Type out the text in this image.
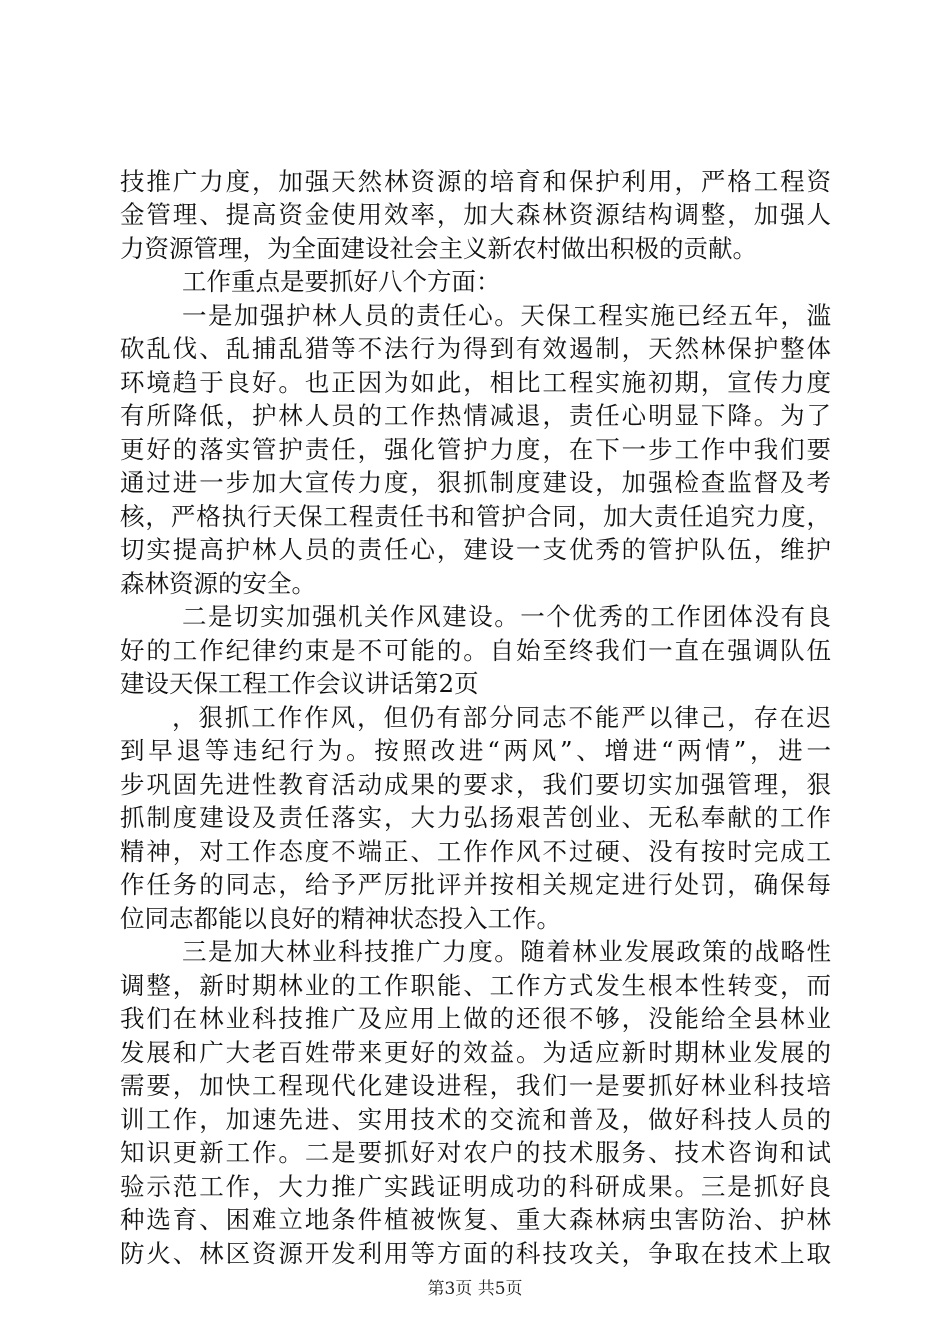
技推广力度，加强天然林资源的培育和保护利用，严格工程资
金管理、提高资金使用效率，加大森林资源结构调整，加强人
力资源管理，为全面建设社会主义新农村做出积极的贡献。
工作重点是要抓好八个方面：
一是加强护林人员的责任心。天保工程实施已经五年，滥
砍乱伐、乱捕乱猎等不法行为得到有效遏制，天然林保护整体
环境趋于良好。也正因为如此，相比工程实施初期，宣传力度
有所降低，护林人员的工作热情减退，责任心明显下降。为了
更好的落实管护责任，强化管护力度，在下一步工作中我们要
通过进一步加大宣传力度，狠抓制度建设，加强检查监督及考
核，严格执行天保工程责任书和管护合同，加大责任追究力度，
切实提高护林人员的责任心，建设一支优秀的管护队伍，维护
森林资源的安全。
二是切实加强机关作风建设。一个优秀的工作团体没有良
好的工作纪律约束是不可能的。自始至终我们一直在强调队伍
建设天保工程工作会议讲话第2页
，狠抓工作作风，但仍有部分同志不能严以律己，存在迟
到早退等违纪行为。按照改进“两风”、增进“两情”，进一
步巩固先进性教育活动成果的要求，我们要切实加强管理，狠
抓制度建设及责任落实，大力弘扬艰苦创业、无私奉献的工作
精神，对工作态度不端正、工作作风不过硬、没有按时完成工
作任务的同志，给予严厉批评并按相关规定进行处罚，确保每
位同志都能以良好的精神状态投入工作。
三是加大林业科技推广力度。随着林业发展政策的战略性
调整，新时期林业的工作职能、工作方式发生根本性转变，而
我们在林业科技推广及应用上做的还很不够，没能给全县林业
发展和广大老百姓带来更好的效益。为适应新时期林业发展的
需要，加快工程现代化建设进程，我们一是要抓好林业科技培
训工作，加速先进、实用技术的交流和普及，做好科技人员的
知识更新工作。二是要抓好对农户的技术服务、技术咨询和试
验示范工作，大力推广实践证明成功的科研成果。三是抓好良
种选育、困难立地条件植被恢复、重大森林病虫害防治、护林
防火、林区资源开发利用等方面的科技攻关，争取在技术上取
第3页 共5页
